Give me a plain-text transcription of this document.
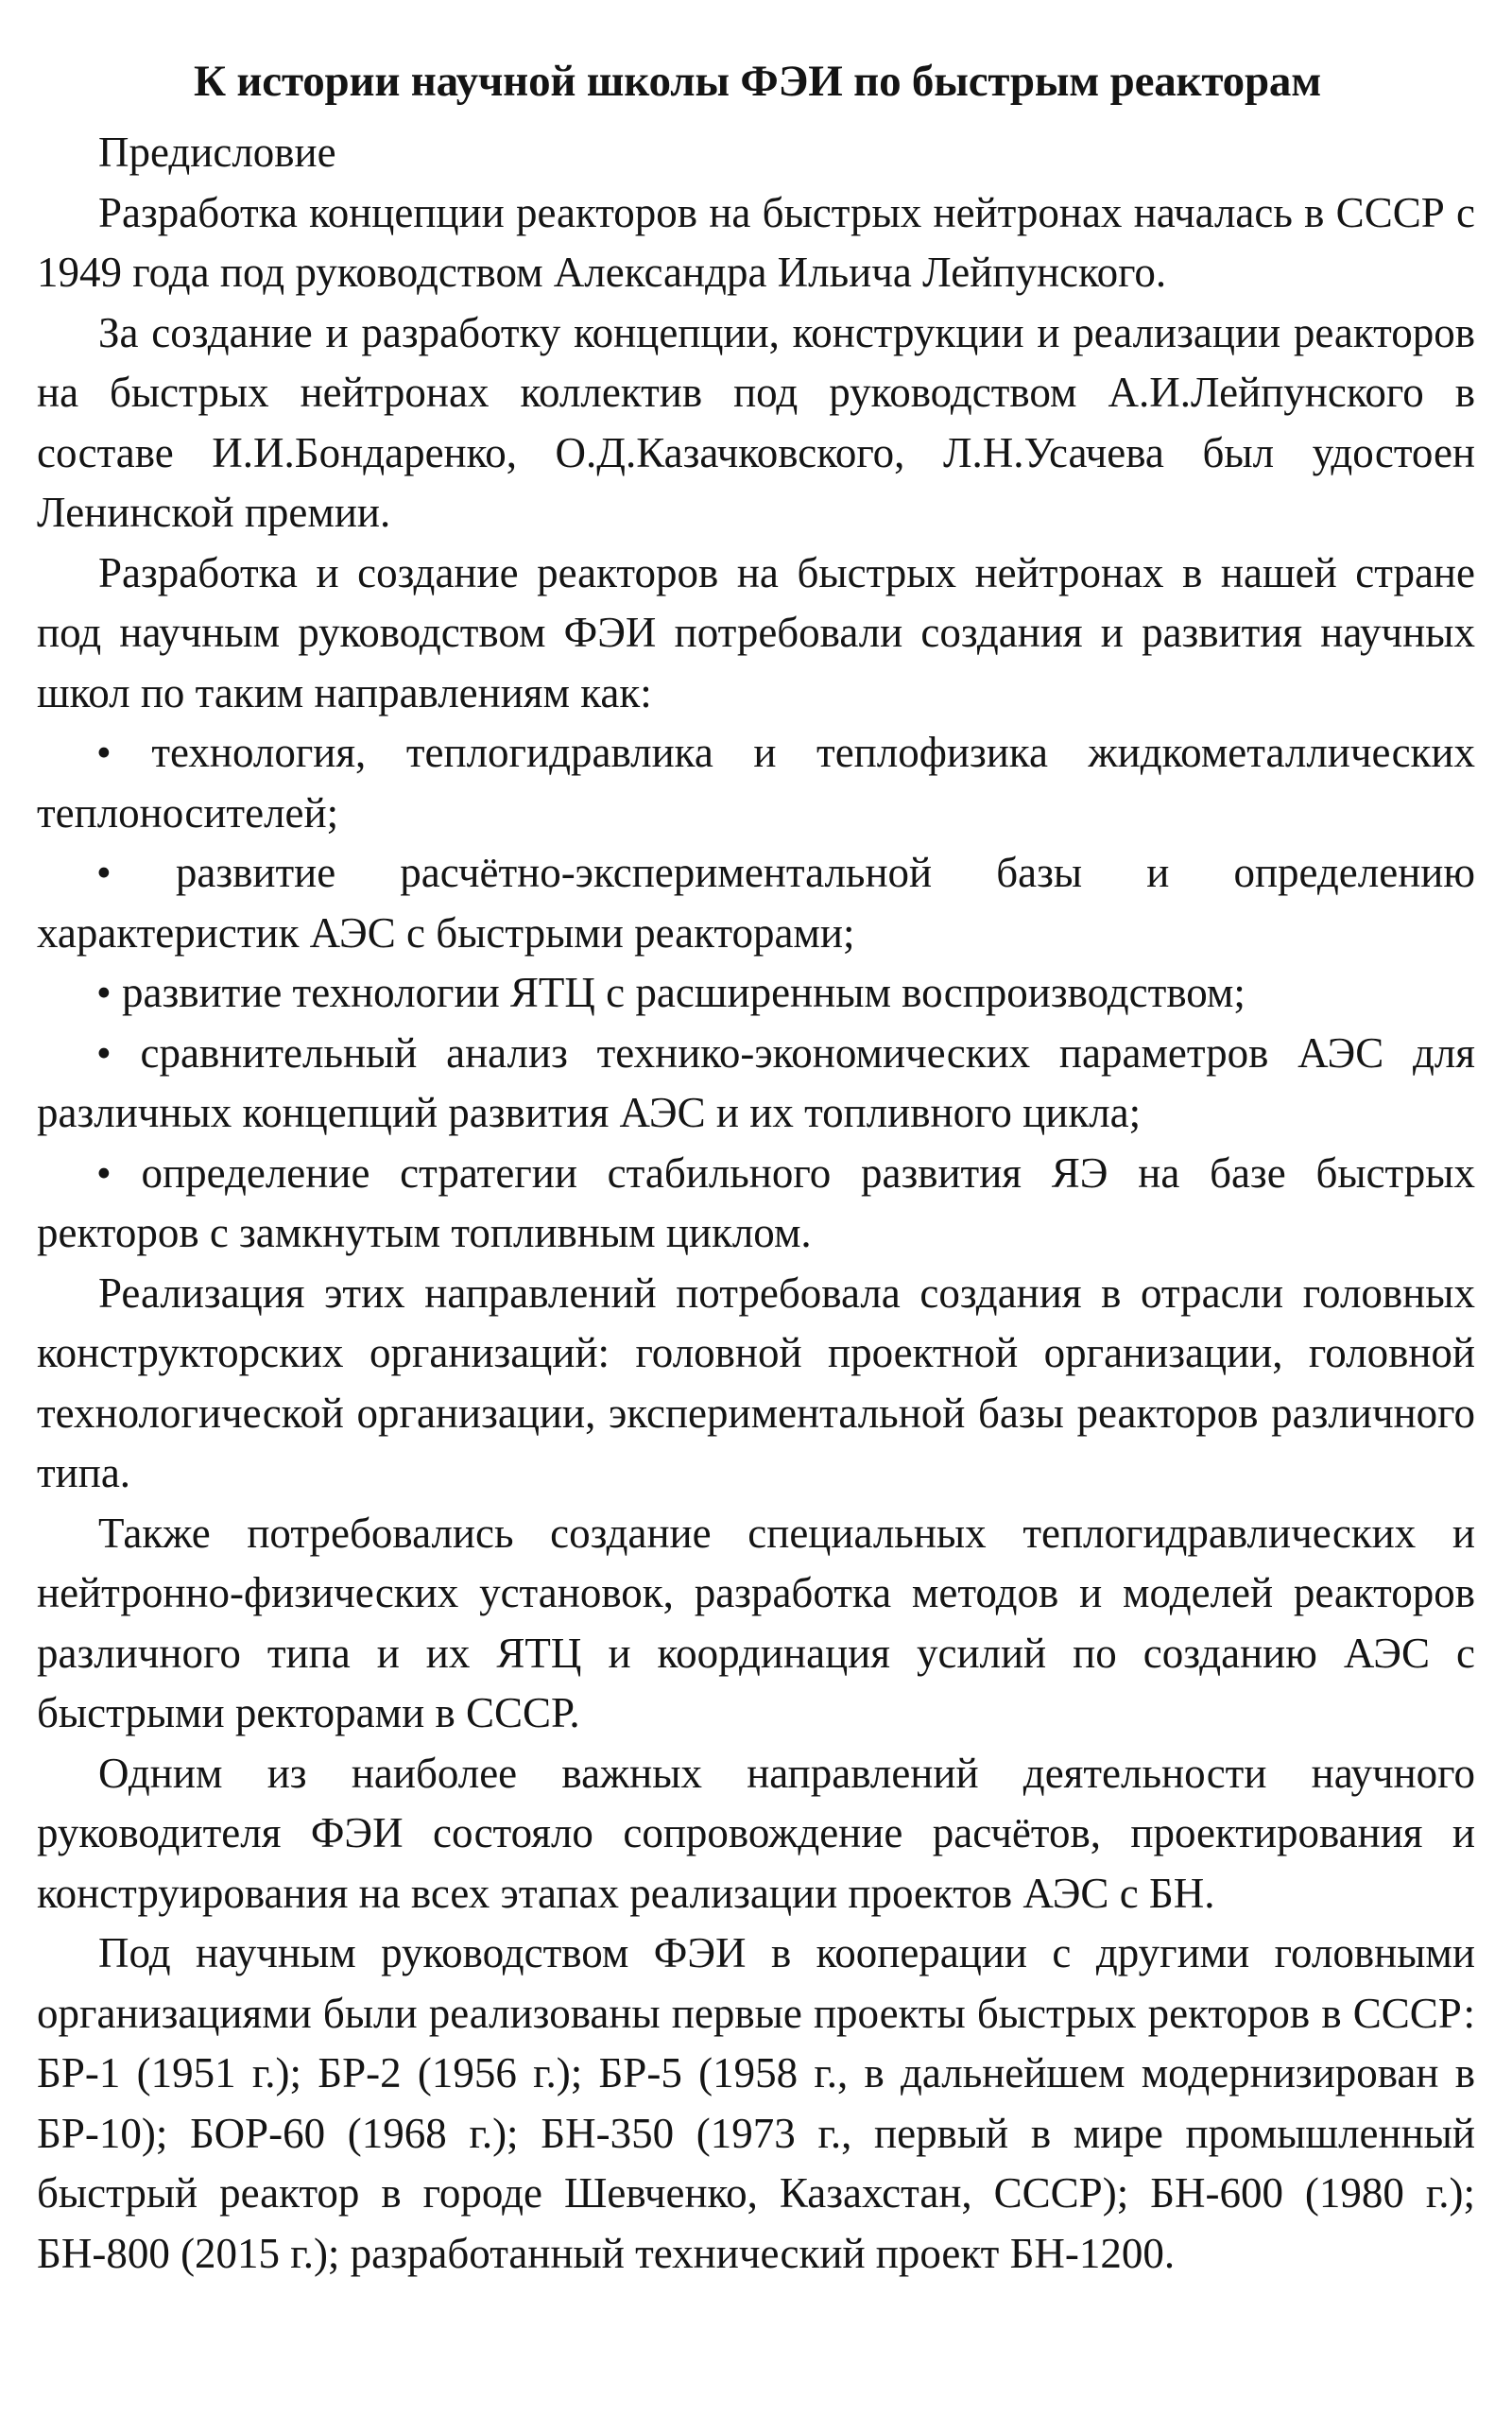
К истории научной школы ФЭИ по быстрым реакторам

Предисловие

Разработка концепции реакторов на быстрых нейтронах началась в СССР с 1949 года под руководством Александра Ильича Лейпунского.

За создание и разработку концепции, конструкции и реализации реакторов на быстрых нейтронах коллектив под руководством А.И.Лейпунского в составе И.И.Бондаренко, О.Д.Казачковского, Л.Н.Усачева был удостоен Ленинской премии.

Разработка и создание реакторов на быстрых нейтронах в нашей стране под научным руководством ФЭИ потребовали создания и развития научных школ по таким направлениям как:

• технология, теплогидравлика и теплофизика жидкометаллических теплоносителей;

• развитие расчётно-экспериментальной базы и определению характеристик АЭС с быстрыми реакторами;

• развитие технологии ЯТЦ с расширенным воспроизводством;

• сравнительный анализ технико-экономических параметров АЭС для различных концепций развития АЭС и их топливного цикла;

• определение стратегии стабильного развития ЯЭ на базе быстрых ректоров с замкнутым топливным циклом.

Реализация этих направлений потребовала создания в отрасли головных конструкторских организаций: головной проектной организации, головной технологической организации, экспериментальной базы реакторов различного типа.

Также потребовались создание специальных теплогидравлических и нейтронно-физических установок, разработка методов и моделей реакторов различного типа и их ЯТЦ и координация усилий по созданию АЭС с быстрыми ректорами в СССР.

Одним из наиболее важных направлений деятельности научного руководителя ФЭИ состояло сопровождение расчётов, проектирования и конструирования на всех этапах реализации проектов АЭС с БН.

Под научным руководством ФЭИ в кооперации с другими головными организациями были реализованы первые проекты быстрых ректоров в СССР: БР-1 (1951 г.); БР-2 (1956 г.); БР-5 (1958 г., в дальнейшем модернизирован в БР-10); БОР-60 (1968 г.); БН-350 (1973 г., первый в мире промышленный быстрый реактор в городе Шевченко, Казахстан, СССР); БН-600 (1980 г.); БН-800 (2015 г.); разработанный технический проект БН-1200.
